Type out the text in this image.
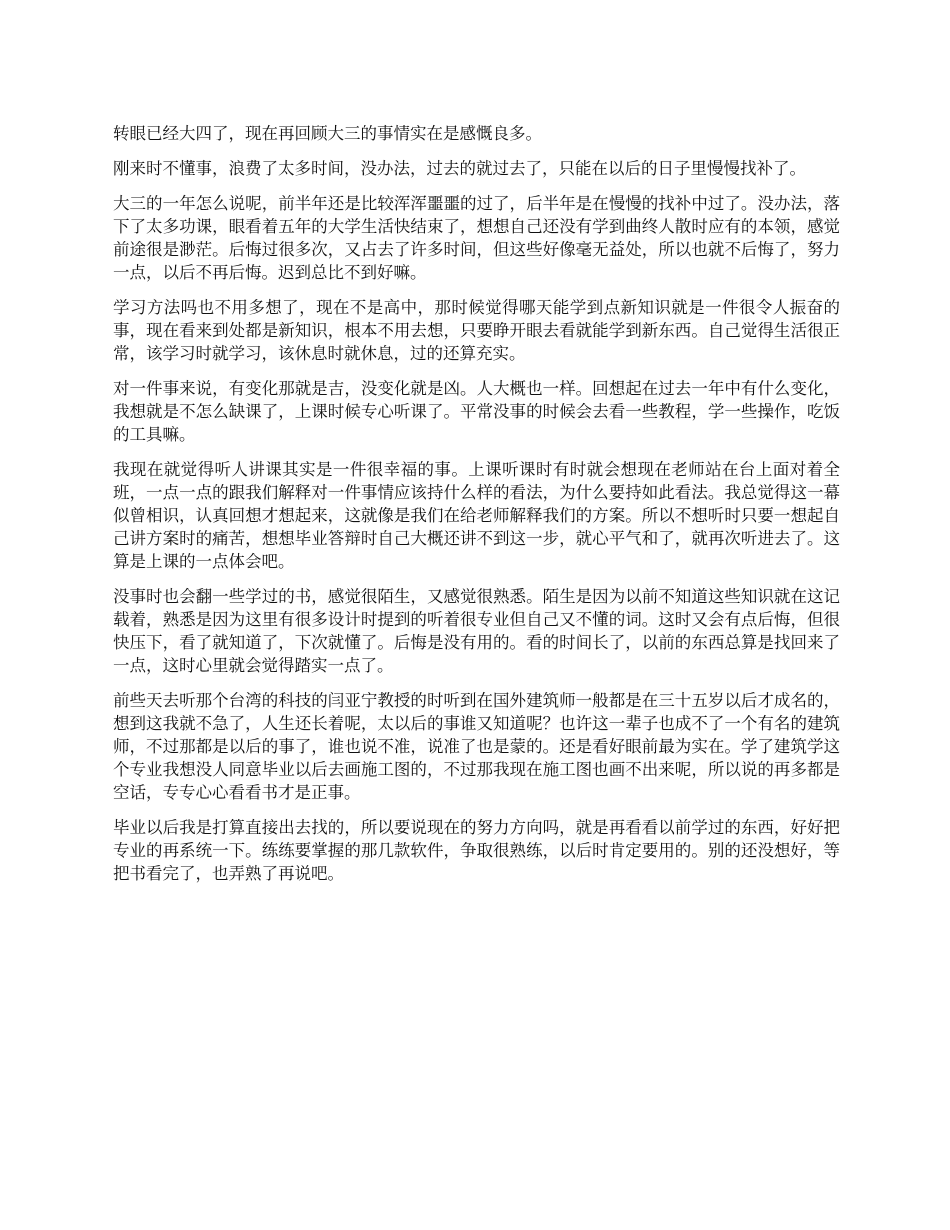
转眼已经大四了，现在再回顾大三的事情实在是感慨良多。

刚来时不懂事，浪费了太多时间，没办法，过去的就过去了，只能在以后的日子里慢慢找补了。

大三的一年怎么说呢，前半年还是比较浑浑噩噩的过了，后半年是在慢慢的找补中过了。没办法，落下了太多功课，眼看着五年的大学生活快结束了，想想自己还没有学到曲终人散时应有的本领，感觉前途很是渺茫。后悔过很多次，又占去了许多时间，但这些好像毫无益处，所以也就不后悔了，努力一点，以后不再后悔。迟到总比不到好嘛。

学习方法吗也不用多想了，现在不是高中，那时候觉得哪天能学到点新知识就是一件很令人振奋的事，现在看来到处都是新知识，根本不用去想，只要睁开眼去看就能学到新东西。自己觉得生活很正常，该学习时就学习，该休息时就休息，过的还算充实。

对一件事来说，有变化那就是吉，没变化就是凶。人大概也一样。回想起在过去一年中有什么变化，我想就是不怎么缺课了，上课时候专心听课了。平常没事的时候会去看一些教程，学一些操作，吃饭的工具嘛。

我现在就觉得听人讲课其实是一件很幸福的事。上课听课时有时就会想现在老师站在台上面对着全班，一点一点的跟我们解释对一件事情应该持什么样的看法，为什么要持如此看法。我总觉得这一幕似曾相识，认真回想才想起来，这就像是我们在给老师解释我们的方案。所以不想听时只要一想起自己讲方案时的痛苦，想想毕业答辩时自己大概还讲不到这一步，就心平气和了，就再次听进去了。这算是上课的一点体会吧。

没事时也会翻一些学过的书，感觉很陌生，又感觉很熟悉。陌生是因为以前不知道这些知识就在这记载着，熟悉是因为这里有很多设计时提到的听着很专业但自己又不懂的词。这时又会有点后悔，但很快压下，看了就知道了，下次就懂了。后悔是没有用的。看的时间长了，以前的东西总算是找回来了一点，这时心里就会觉得踏实一点了。

前些天去听那个台湾的科技的闫亚宁教授的时听到在国外建筑师一般都是在三十五岁以后才成名的，想到这我就不急了，人生还长着呢，太以后的事谁又知道呢？也许这一辈子也成不了一个有名的建筑师，不过那都是以后的事了，谁也说不准，说准了也是蒙的。还是看好眼前最为实在。学了建筑学这个专业我想没人同意毕业以后去画施工图的，不过那我现在施工图也画不出来呢，所以说的再多都是空话，专专心心看看书才是正事。

毕业以后我是打算直接出去找的，所以要说现在的努力方向吗，就是再看看以前学过的东西，好好把专业的再系统一下。练练要掌握的那几款软件，争取很熟练，以后时肯定要用的。别的还没想好，等把书看完了，也弄熟了再说吧。
